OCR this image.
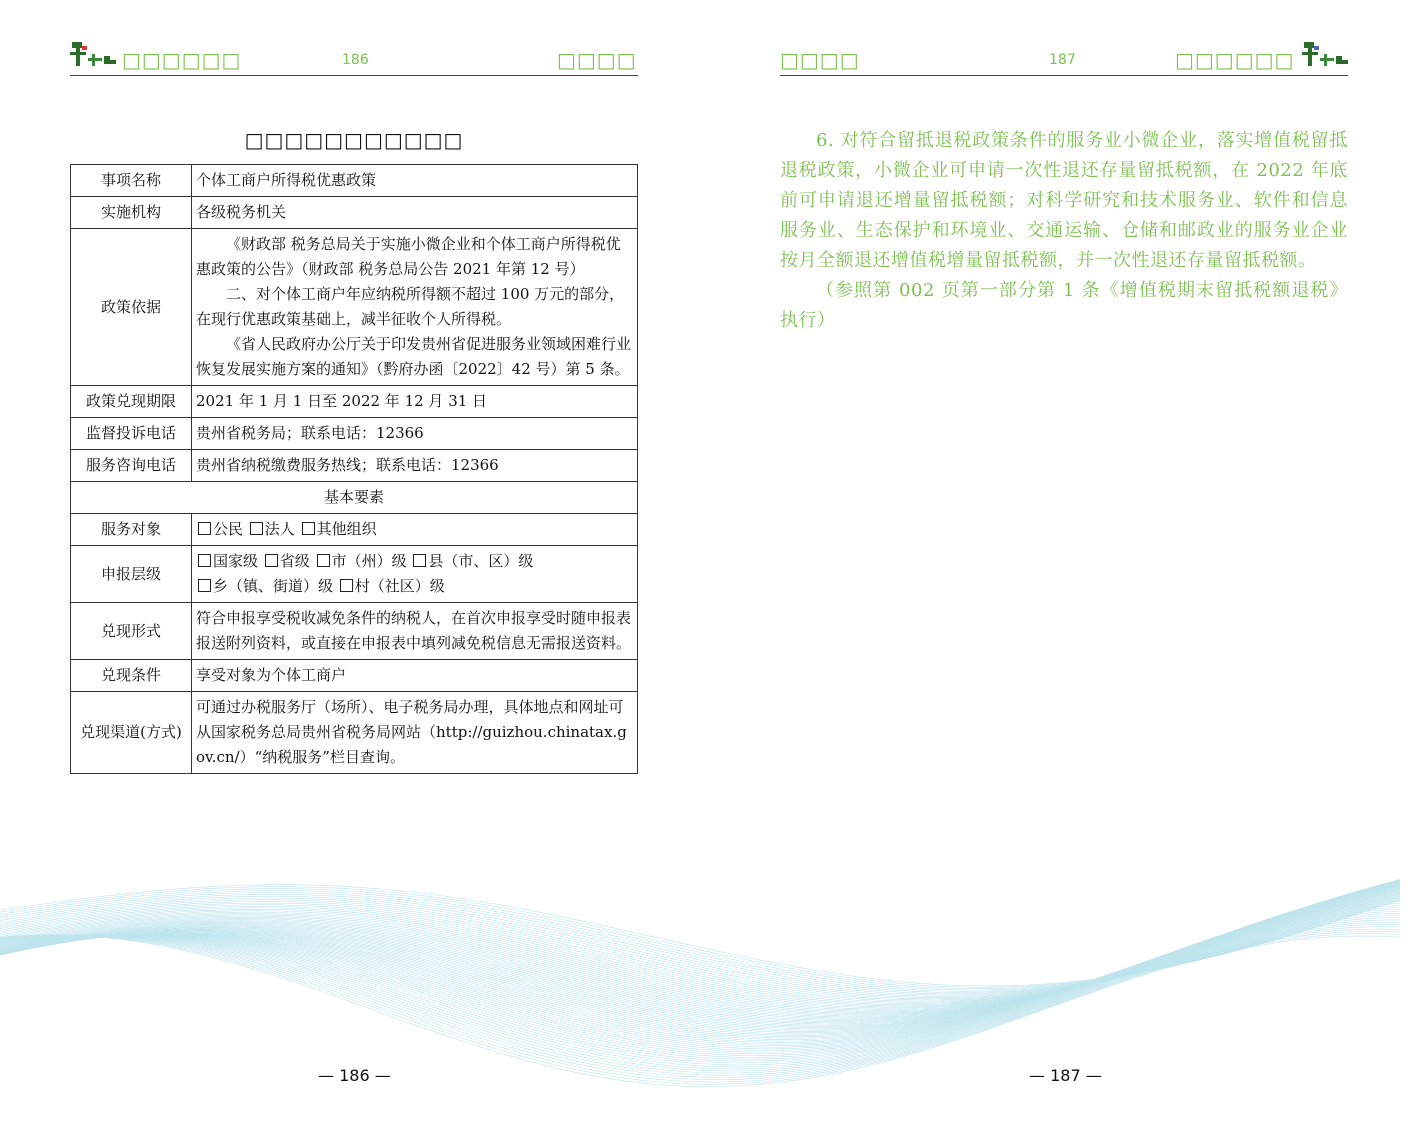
□□□□□□	186	□□□□
□□□□□□□□□□□
事项名称	个体工商户所得税优惠政策
实施机构	各级税务机关
政策依据	《财政部 税务总局关于实施小微企业和个体工商户所得税优惠政策的公告》（财政部 税务总局公告 2021 年第 12 号）

二、对个体工商户年应纳税所得额不超过 100 万元的部分，在现行优惠政策基础上，减半征收个人所得税。

《省人民政府办公厅关于印发贵州省促进服务业领域困难行业恢复发展实施方案的通知》（黔府办函〔2022〕42 号）第 5 条。

政策兑现期限	2021 年 1 月 1 日至 2022 年 12 月 31 日
监督投诉电话	贵州省税务局；联系电话：12366
服务咨询电话	贵州省纳税缴费服务热线；联系电话：12366
基本要素	
服务对象	公民 法人 其他组织
申报层级	国家级 省级 市（州）级 县（市、区）级
乡（镇、街道）级 村（社区）级
兑现形式	符合申报享受税收减免条件的纳税人，在首次申报享受时随申报表报送附列资料，或直接在申报表中填列减免税信息无需报送资料。
兑现条件	享受对象为个体工商户
兑现渠道(方式)	可通过办税服务厅（场所）、电子税务局办理，具体地点和网址可从国家税务总局贵州省税务局网站（http://guizhou.chinatax.gov.cn/）“纳税服务”栏目查询。
— 186 —
□□□□	187	□□□□□□
— 187 —

6. 对符合留抵退税政策条件的服务业小微企业，落实增值税留抵退税政策，小微企业可申请一次性退还存量留抵税额，在 2022 年底前可申请退还增量留抵税额；对科学研究和技术服务业、软件和信息服务业、生态保护和环境业、交通运输、仓储和邮政业的服务业企业按月全额退还增值税增量留抵税额，并一次性退还存量留抵税额。

（参照第 002 页第一部分第 1 条《增值税期末留抵税额退税》执行）
